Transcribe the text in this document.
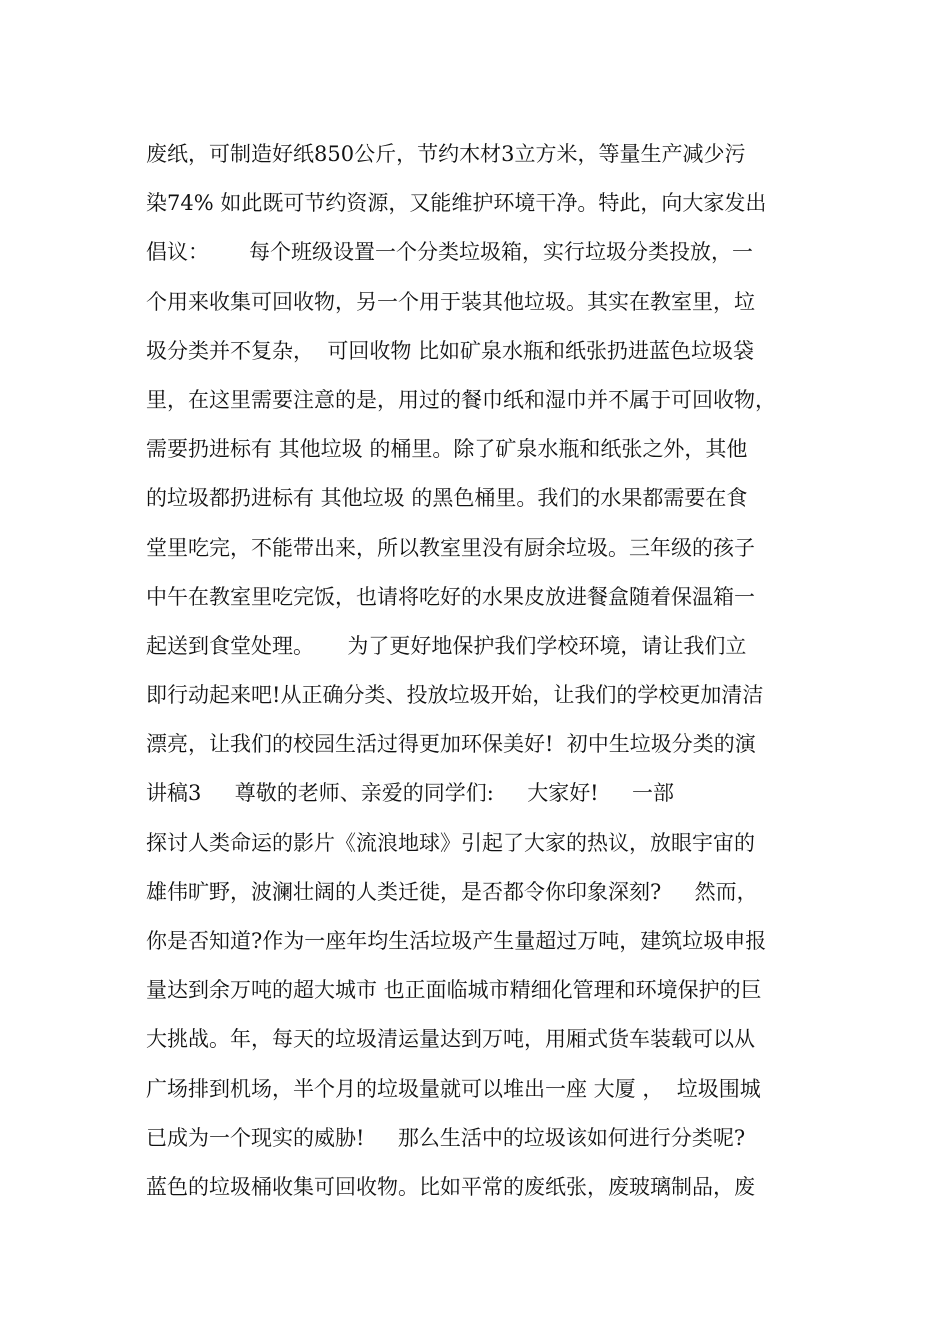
废纸，可制造好纸850公斤，节约木材3立方米，等量生产减少污
染74% 如此既可节约资源，又能维护环境干净。特此，向大家发出
倡议：      每个班级设置一个分类垃圾箱，实行垃圾分类投放，一
个用来收集可回收物，另一个用于装其他垃圾。其实在教室里，垃
圾分类并不复杂，  可回收物 比如矿泉水瓶和纸张扔进蓝色垃圾袋
里，在这里需要注意的是，用过的餐巾纸和湿巾并不属于可回收物，
需要扔进标有 其他垃圾 的桶里。除了矿泉水瓶和纸张之外，其他
的垃圾都扔进标有 其他垃圾 的黑色桶里。我们的水果都需要在食
堂里吃完，不能带出来，所以教室里没有厨余垃圾。三年级的孩子
中午在教室里吃完饭，也请将吃好的水果皮放进餐盒随着保温箱一
起送到食堂处理。     为了更好地保护我们学校环境，请让我们立
即行动起来吧!从正确分类、投放垃圾开始，让我们的学校更加清洁
漂亮，让我们的校园生活过得更加环保美好!  初中生垃圾分类的演
讲稿3     尊敬的老师、亲爱的同学们:     大家好!     一部
探讨人类命运的影片《流浪地球》引起了大家的热议，放眼宇宙的
雄伟旷野，波澜壮阔的人类迁徙，是否都令你印象深刻?     然而，
你是否知道?作为一座年均生活垃圾产生量超过万吨，建筑垃圾申报
量达到余万吨的超大城市 也正面临城市精细化管理和环境保护的巨
大挑战。年，每天的垃圾清运量达到万吨，用厢式货车装载可以从
广场排到机场，半个月的垃圾量就可以堆出一座 大厦 ，  垃圾围城
已成为一个现实的威胁!     那么生活中的垃圾该如何进行分类呢?
蓝色的垃圾桶收集可回收物。比如平常的废纸张，废玻璃制品，废
